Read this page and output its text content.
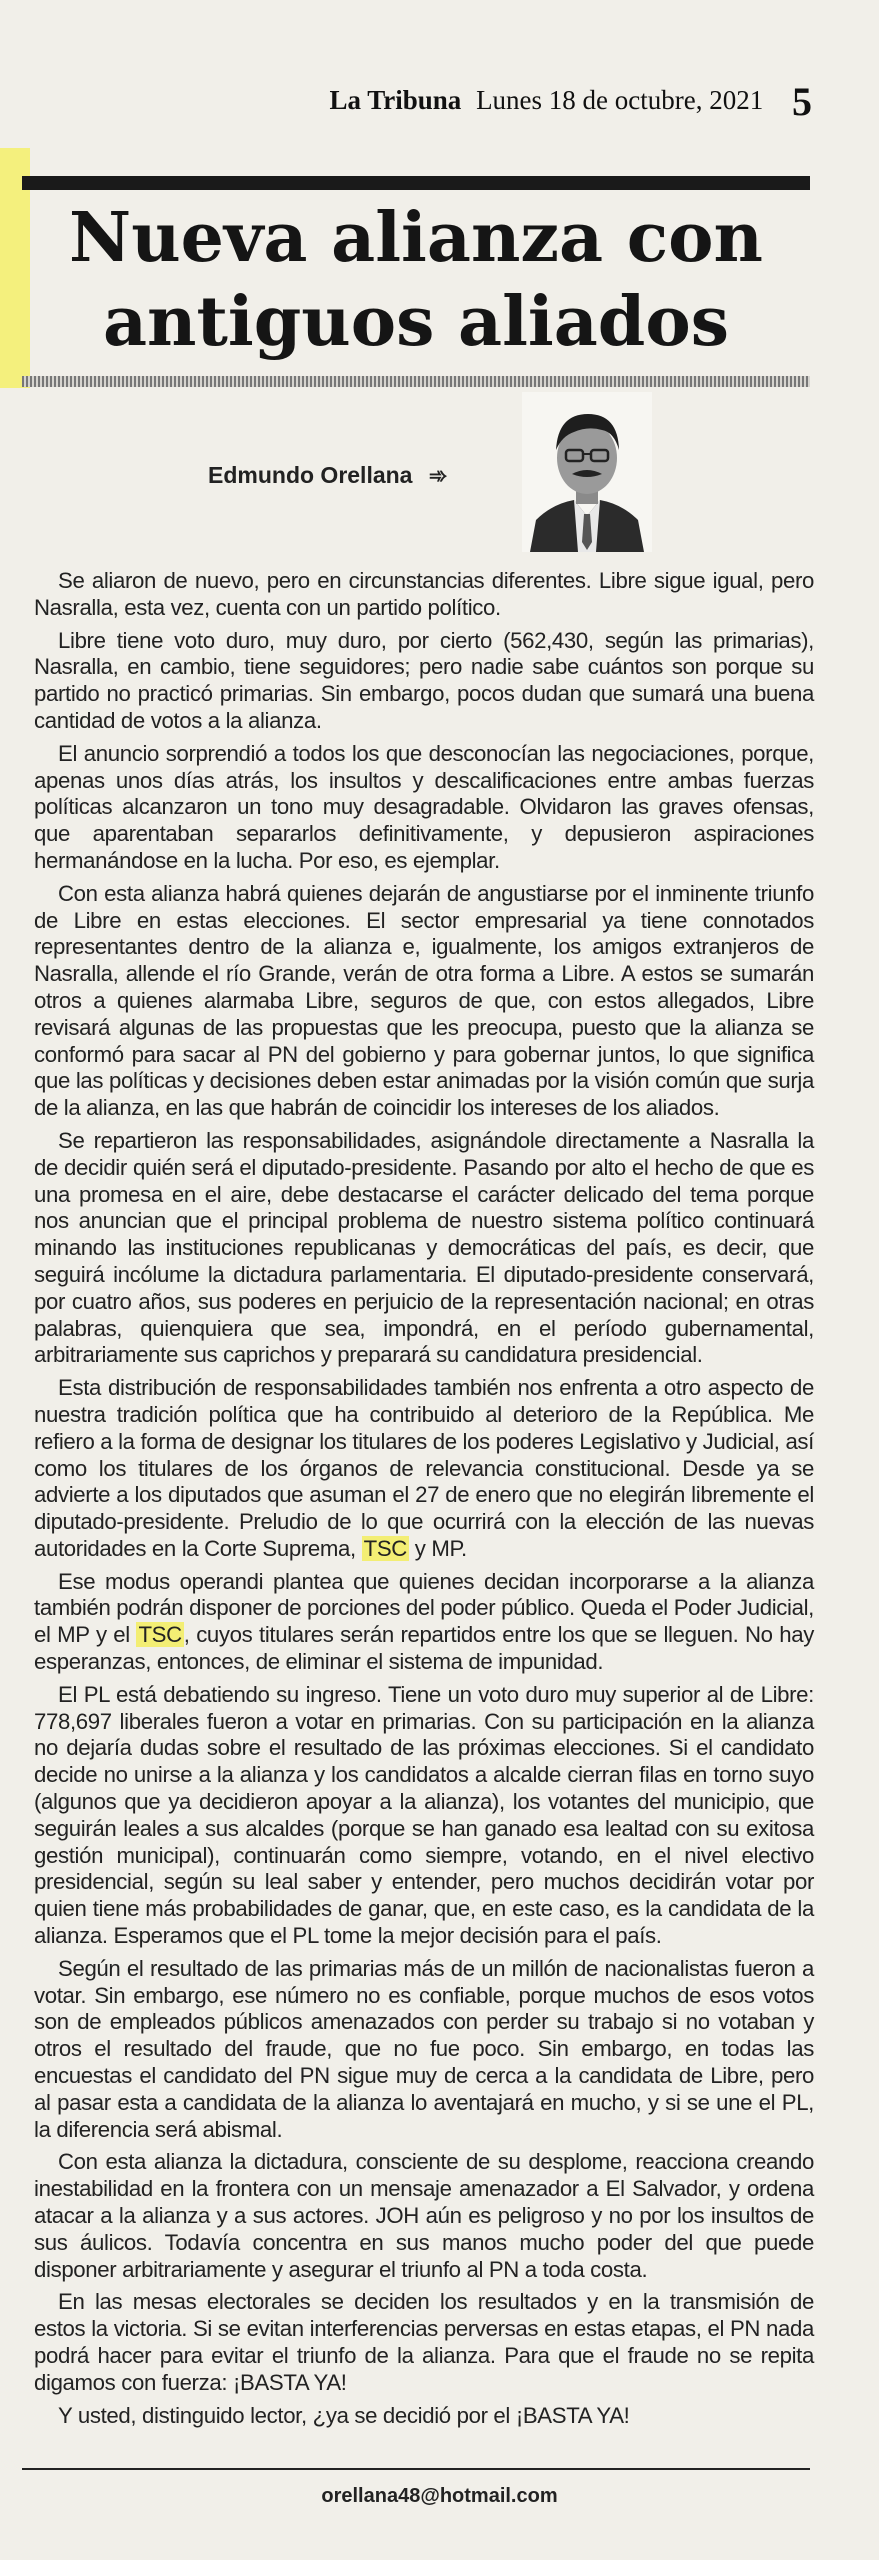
La Tribuna Lunes 18 de octubre, 2021 5
Nueva alianza con
antiguos aliados
Edmundo Orellana ➾

Se aliaron de nuevo, pero en circunstancias diferentes. Libre sigue igual, pero Nasralla, esta vez, cuenta con un partido político.

Libre tiene voto duro, muy duro, por cierto (562,430, según las primarias), Nasralla, en cambio, tiene seguidores; pero nadie sabe cuántos son porque su partido no practicó primarias. Sin embargo, pocos dudan que sumará una buena cantidad de votos a la alianza.

El anuncio sorprendió a todos los que desconocían las negociaciones, porque, apenas unos días atrás, los insultos y descalificaciones entre ambas fuerzas políticas alcanzaron un tono muy desagradable. Olvidaron las graves ofensas, que aparentaban separarlos definitivamente, y depusieron aspiraciones hermanándose en la lucha. Por eso, es ejemplar.

Con esta alianza habrá quienes dejarán de angustiarse por el inminente triunfo de Libre en estas elecciones. El sector empresarial ya tiene connotados representantes dentro de la alianza e, igualmente, los amigos extranjeros de Nasralla, allende el río Grande, verán de otra forma a Libre. A estos se sumarán otros a quienes alarmaba Libre, seguros de que, con estos allegados, Libre revisará algunas de las propuestas que les preocupa, puesto que la alianza se conformó para sacar al PN del gobierno y para gobernar juntos, lo que significa que las políticas y decisiones deben estar animadas por la visión común que surja de la alianza, en las que habrán de coincidir los intereses de los aliados.

Se repartieron las responsabilidades, asignándole directamente a Nasralla la de decidir quién será el diputado-presidente. Pasando por alto el hecho de que es una promesa en el aire, debe destacarse el carácter delicado del tema porque nos anuncian que el principal problema de nuestro sistema político continuará minando las instituciones republicanas y democráticas del país, es decir, que seguirá incólume la dictadura parlamentaria. El diputado-presidente conservará, por cuatro años, sus poderes en perjuicio de la representación nacional; en otras palabras, quienquiera que sea, impondrá, en el período gubernamental, arbitrariamente sus caprichos y preparará su candidatura presidencial.

Esta distribución de responsabilidades también nos enfrenta a otro aspecto de nuestra tradición política que ha contribuido al deterioro de la República. Me refiero a la forma de designar los titulares de los poderes Legislativo y Judicial, así como los titulares de los órganos de relevancia constitucional. Desde ya se advierte a los diputados que asuman el 27 de enero que no elegirán libremente el diputado-presidente. Preludio de lo que ocurrirá con la elección de las nuevas autoridades en la Corte Suprema, TSC y MP.

Ese modus operandi plantea que quienes decidan incorporarse a la alianza también podrán disponer de porciones del poder público. Queda el Poder Judicial, el MP y el TSC, cuyos titulares serán repartidos entre los que se lleguen. No hay esperanzas, entonces, de eliminar el sistema de impunidad.

El PL está debatiendo su ingreso. Tiene un voto duro muy superior al de Libre: 778,697 liberales fueron a votar en primarias. Con su participación en la alianza no dejaría dudas sobre el resultado de las próximas elecciones. Si el candidato decide no unirse a la alianza y los candidatos a alcalde cierran filas en torno suyo (algunos que ya decidieron apoyar a la alianza), los votantes del municipio, que seguirán leales a sus alcaldes (porque se han ganado esa lealtad con su exitosa gestión municipal), continuarán como siempre, votando, en el nivel electivo presidencial, según su leal saber y entender, pero muchos decidirán votar por quien tiene más probabilidades de ganar, que, en este caso, es la candidata de la alianza. Esperamos que el PL tome la mejor decisión para el país.

Según el resultado de las primarias más de un millón de nacionalistas fueron a votar. Sin embargo, ese número no es confiable, porque muchos de esos votos son de empleados públicos amenazados con perder su trabajo si no votaban y otros el resultado del fraude, que no fue poco. Sin embargo, en todas las encuestas el candidato del PN sigue muy de cerca a la candidata de Libre, pero al pasar esta a candidata de la alianza lo aventajará en mucho, y si se une el PL, la diferencia será abismal.

Con esta alianza la dictadura, consciente de su desplome, reacciona creando inestabilidad en la frontera con un mensaje amenazador a El Salvador, y ordena atacar a la alianza y a sus actores. JOH aún es peligroso y no por los insultos de sus áulicos. Todavía concentra en sus manos mucho poder del que puede disponer arbitrariamente y asegurar el triunfo al PN a toda costa.

En las mesas electorales se deciden los resultados y en la transmisión de estos la victoria. Si se evitan interferencias perversas en estas etapas, el PN nada podrá hacer para evitar el triunfo de la alianza. Para que el fraude no se repita digamos con fuerza: ¡BASTA YA!

Y usted, distinguido lector, ¿ya se decidió por el ¡BASTA YA!

orellana48@hotmail.com
